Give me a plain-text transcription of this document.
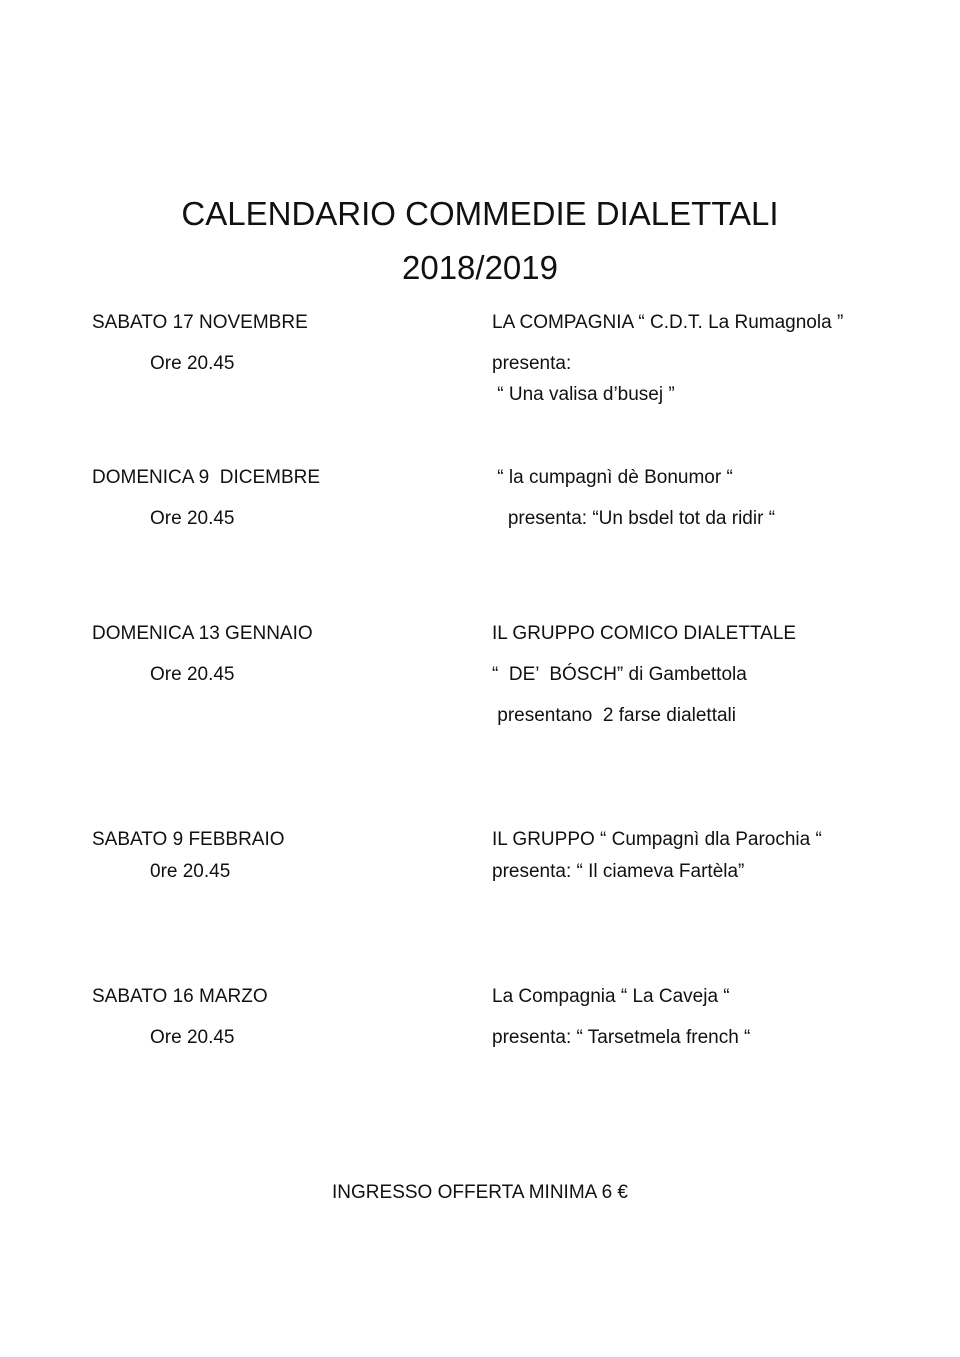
CALENDARIO COMMEDIE DIALETTALI
2018/2019
SABATO 17 NOVEMBRE
Ore 20.45
LA COMPAGNIA “ C.D.T. La Rumagnola ”
presenta:
“ Una valisa d’busej ”
DOMENICA 9  DICEMBRE
Ore 20.45
“ la cumpagnì dè Bonumor “
presenta: “Un bsdel tot da ridir “
DOMENICA 13 GENNAIO
Ore 20.45
IL GRUPPO COMICO DIALETTALE
“  DE’  BÓSCH” di Gambettola
presentano  2 farse dialettali
SABATO 9 FEBBRAIO
0re 20.45
IL GRUPPO “ Cumpagnì dla Parochia “
presenta: “ Il ciameva Fartèla”
SABATO 16 MARZO
Ore 20.45
La Compagnia “ La Caveja “
presenta: “ Tarsetmela french “
INGRESSO OFFERTA MINIMA 6 €
